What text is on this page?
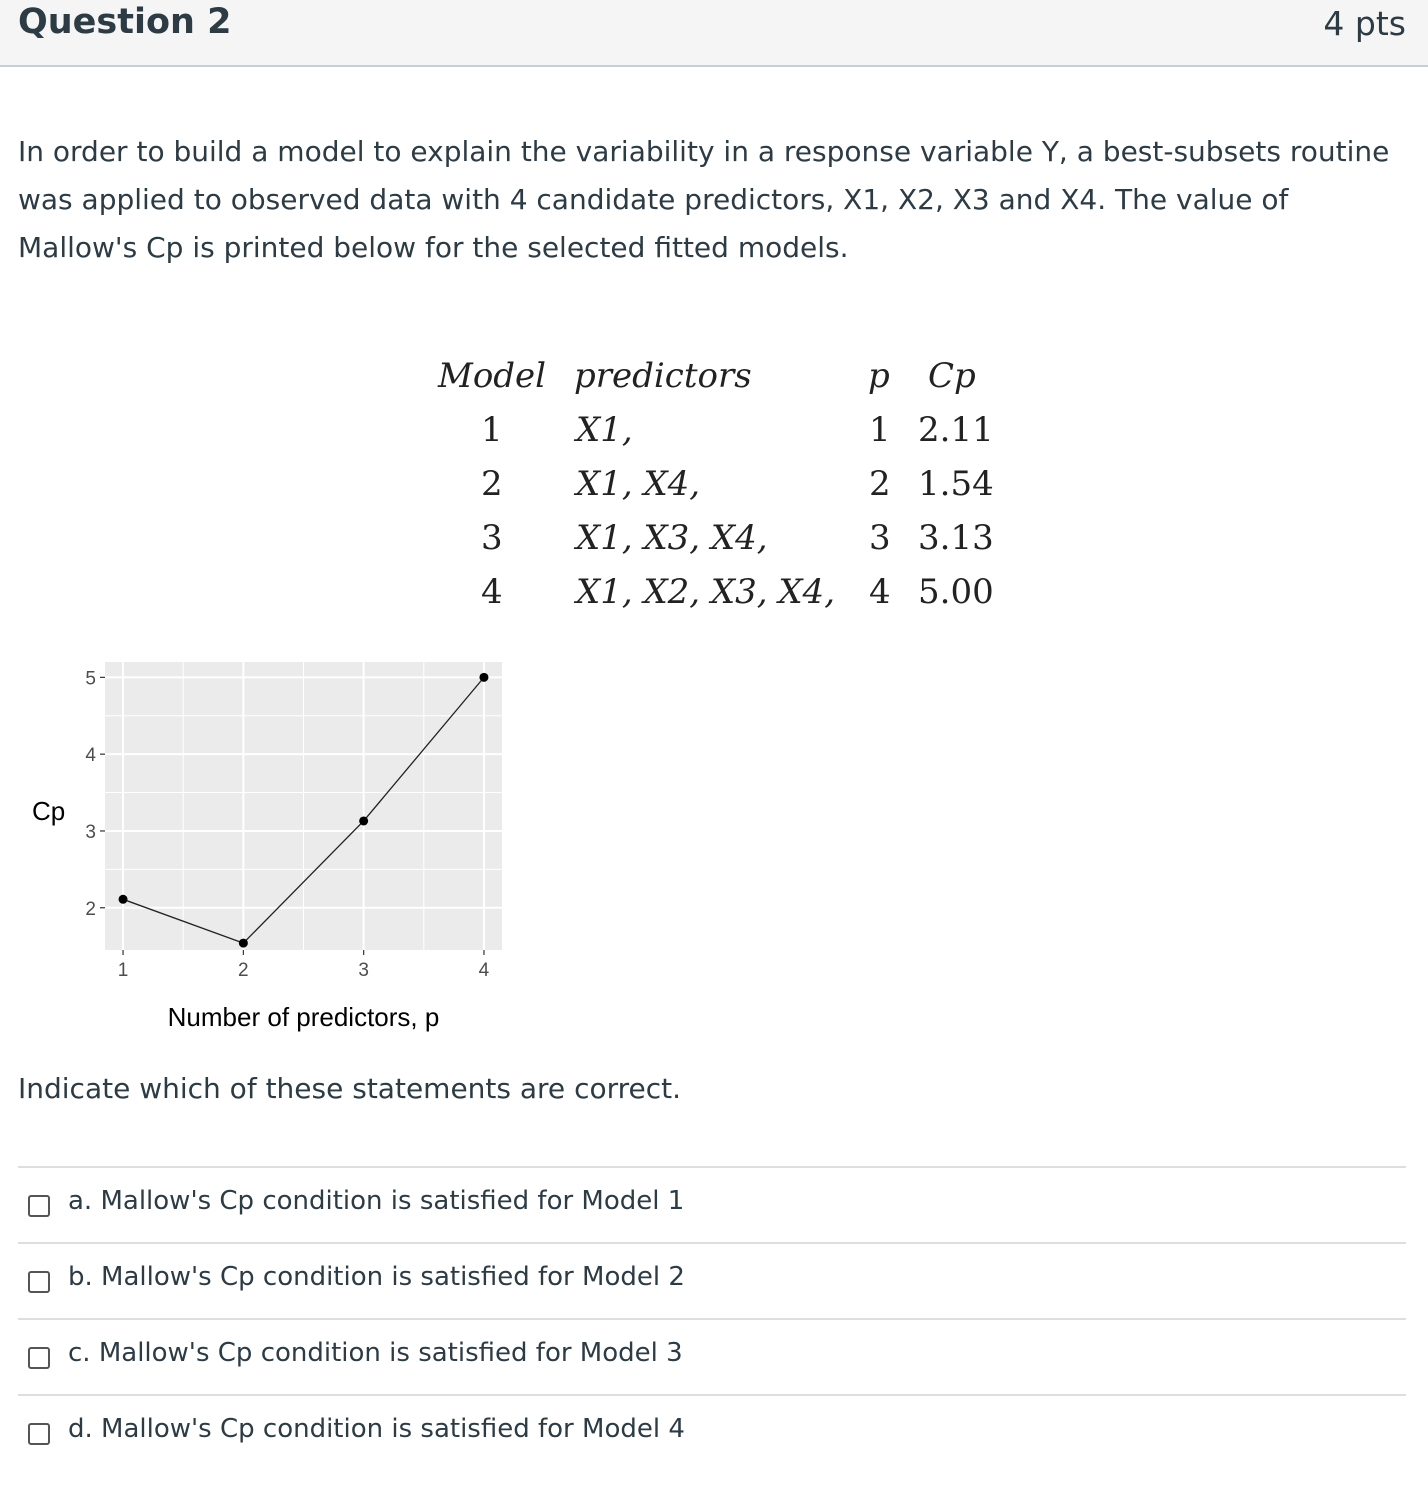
Question 2	4 pts
In order to build a model to explain the variability in a response variable Y, a best-subsets routine was applied to observed data with 4 candidate predictors, X1, X2, X3 and X4. The value of Mallow's Cp is printed below for the selected fitted models.
Model predictors	p Cp
1 X1,	1 2.11
2 X1, X4,	2 1.54
3 X1, X3, X4,	3 3.13
4 X1, X2, X3, X4, 4 5.00
1	2	3	4
2
3
4
5
Number of predictors, p
Cp
Indicate which of these statements are correct.
a. Mallow's Cp condition is satisfied for Model 1
b. Mallow's Cp condition is satisfied for Model 2
c. Mallow's Cp condition is satisfied for Model 3
d. Mallow's Cp condition is satisfied for Model 4
